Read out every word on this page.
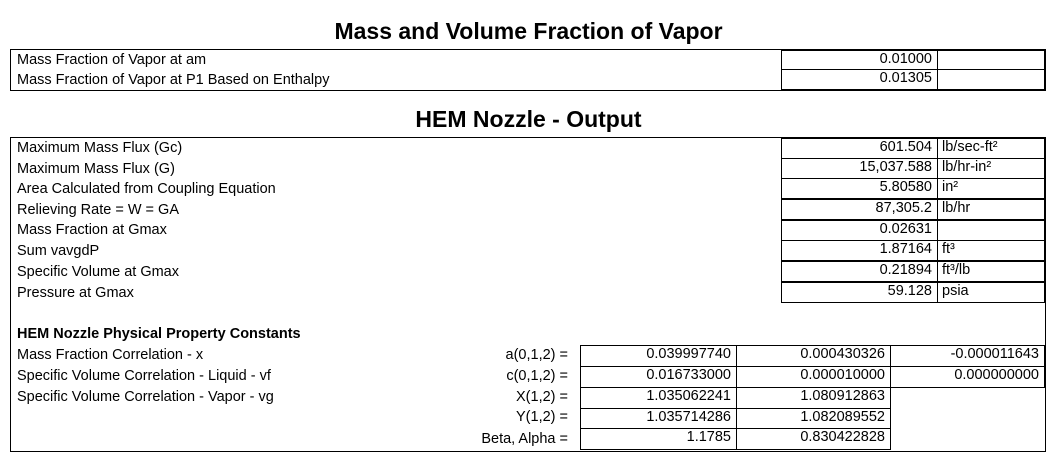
Mass and Volume Fraction of Vapor
Mass Fraction of Vapor at am	0.01000
Mass Fraction of Vapor at P1 Based on Enthalpy	0.01305
HEM Nozzle - Output
Maximum Mass Flux (Gc)	601.504 lb/sec-ft²
Maximum Mass Flux (G)	15,037.588 lb/hr-in²
Area Calculated from Coupling Equation	5.80580 in²
Relieving Rate = W = GA	87,305.2 lb/hr
Mass Fraction at Gmax	0.02631
Sum vavgdP	1.87164 ft³
Specific Volume at Gmax	0.21894 ft³/lb
Pressure at Gmax	59.128 psia
HEM Nozzle Physical Property Constants
Mass Fraction Correlation - x	a(0,1,2) =	0.039997740	0.000430326	-0.000011643
Specific Volume Correlation - Liquid - vf	c(0,1,2) =	0.016733000	0.000010000	0.000000000
Specific Volume Correlation - Vapor - vg	X(1,2) =	1.035062241	1.080912863
Y(1,2) =	1.035714286	1.082089552
Beta, Alpha =	1.1785	0.830422828
